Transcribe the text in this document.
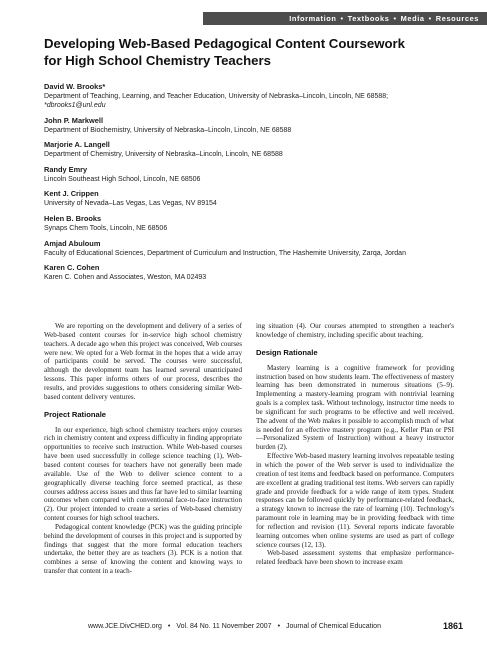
Information • Textbooks • Media • Resources
Developing Web-Based Pedagogical Content Coursework
for High School Chemistry Teachers
David W. Brooks*
Department of Teaching, Learning, and Teacher Education, University of Nebraska–Lincoln, Lincoln, NE 68588;
*dbrooks1@unl.edu
John P. Markwell
Department of Biochemistry, University of Nebraska–Lincoln, Lincoln, NE 68588
Marjorie A. Langell
Department of Chemistry, University of Nebraska–Lincoln, Lincoln, NE 68588
Randy Emry
Lincoln Southeast High School, Lincoln, NE 68506
Kent J. Crippen
University of Nevada–Las Vegas, Las Vegas, NV 89154
Helen B. Brooks
Synaps Chem Tools, Lincoln, NE 68506
Amjad Abuloum
Faculty of Educational Sciences, Department of Curriculum and Instruction, The Hashemite University, Zarqa, Jordan
Karen C. Cohen
Karen C. Cohen and Associates, Weston, MA 02493

We are reporting on the development and delivery of a series of Web-based content courses for in-service high school chemistry teachers. A decade ago when this project was conceived, Web courses were new. We opted for a Web format in the hopes that a wide array of participants could be served. The courses were successful, although the development team has learned several unanticipated lessons. This paper informs others of our process, describes the results, and provides suggestions to others considering similar Web-based content delivery ventures.

Project Rationale

In our experience, high school chemistry teachers enjoy courses rich in chemistry content and express difficulty in finding appropriate opportunities to receive such instruction. While Web-based courses have been used successfully in college science teaching (1), Web-based content courses for teachers have not generally been made available. Use of the Web to deliver science content to a geographically diverse teaching force seemed practical, as these courses address access issues and thus far have led to similar learning outcomes when compared with conventional face-to-face instruction (2). Our project intended to create a series of Web-based chemistry content courses for high school teachers.

Pedagogical content knowledge (PCK) was the guiding principle behind the development of courses in this project and is supported by findings that suggest that the more formal education teachers undertake, the better they are as teachers (3). PCK is a notion that combines a sense of knowing the content and knowing ways to transfer that content in a teach-

ing situation (4). Our courses attempted to strengthen a teacher's knowledge of chemistry, including specific about teaching.

Design Rationale

Mastery learning is a cognitive framework for providing instruction based on how students learn. The effectiveness of mastery learning has been demonstrated in numerous situations (5–9). Implementing a mastery-learning program with nontrivial learning goals is a complex task. Without technology, instructor time needs to be significant for such programs to be effective and well received. The advent of the Web makes it possible to accomplish much of what is needed for an effective mastery program (e.g., Keller Plan or PSI—Personalized System of Instruction) without a heavy instructor burden (2).

Effective Web-based mastery learning involves repeatable testing in which the power of the Web server is used to individualize the creation of test items and feedback based on performance. Computers are excellent at grading traditional test items. Web servers can rapidly grade and provide feedback for a wide range of item types. Student responses can be followed quickly by performance-related feedback, a strategy known to increase the rate of learning (10). Technology's paramount role in learning may be in providing feedback with time for reflection and revision (11). Several reports indicate favorable learning outcomes when online systems are used as part of college science courses (12, 13).

Web-based assessment systems that emphasize performance-related feedback have been shown to increase exam

www.JCE.DivCHED.org • Vol. 84 No. 11 November 2007 • Journal of Chemical Education	1861
